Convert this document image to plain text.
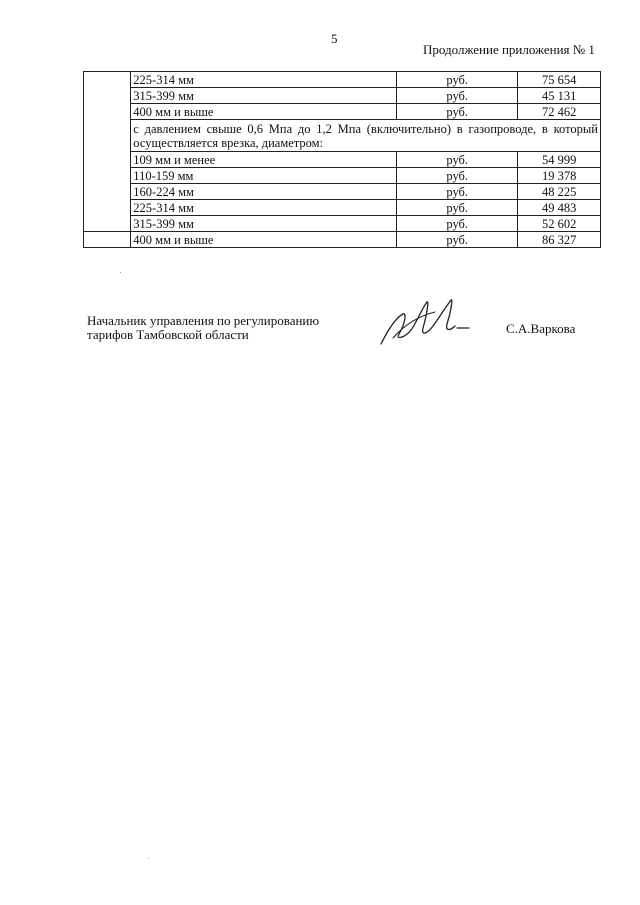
5
Продолжение приложения № 1
	225-314 мм	руб.	75 654
	315-399 мм	руб.	45 131
	400 мм и выше	руб.	72 462
	с давлением свыше 0,6 Мпа до 1,2 Мпа (включительно) в газопроводе, в который осуществляется врезка, диаметром:		
	109 мм и менее	руб.	54 999
	110-159 мм	руб.	19 378
	160-224 мм	руб.	48 225
	225-314 мм	руб.	49 483
	315-399 мм	руб.	52 602
	400 мм и выше	руб.	86 327
Начальник управления по регулированию
тарифов Тамбовской области	С.А.Варкова
